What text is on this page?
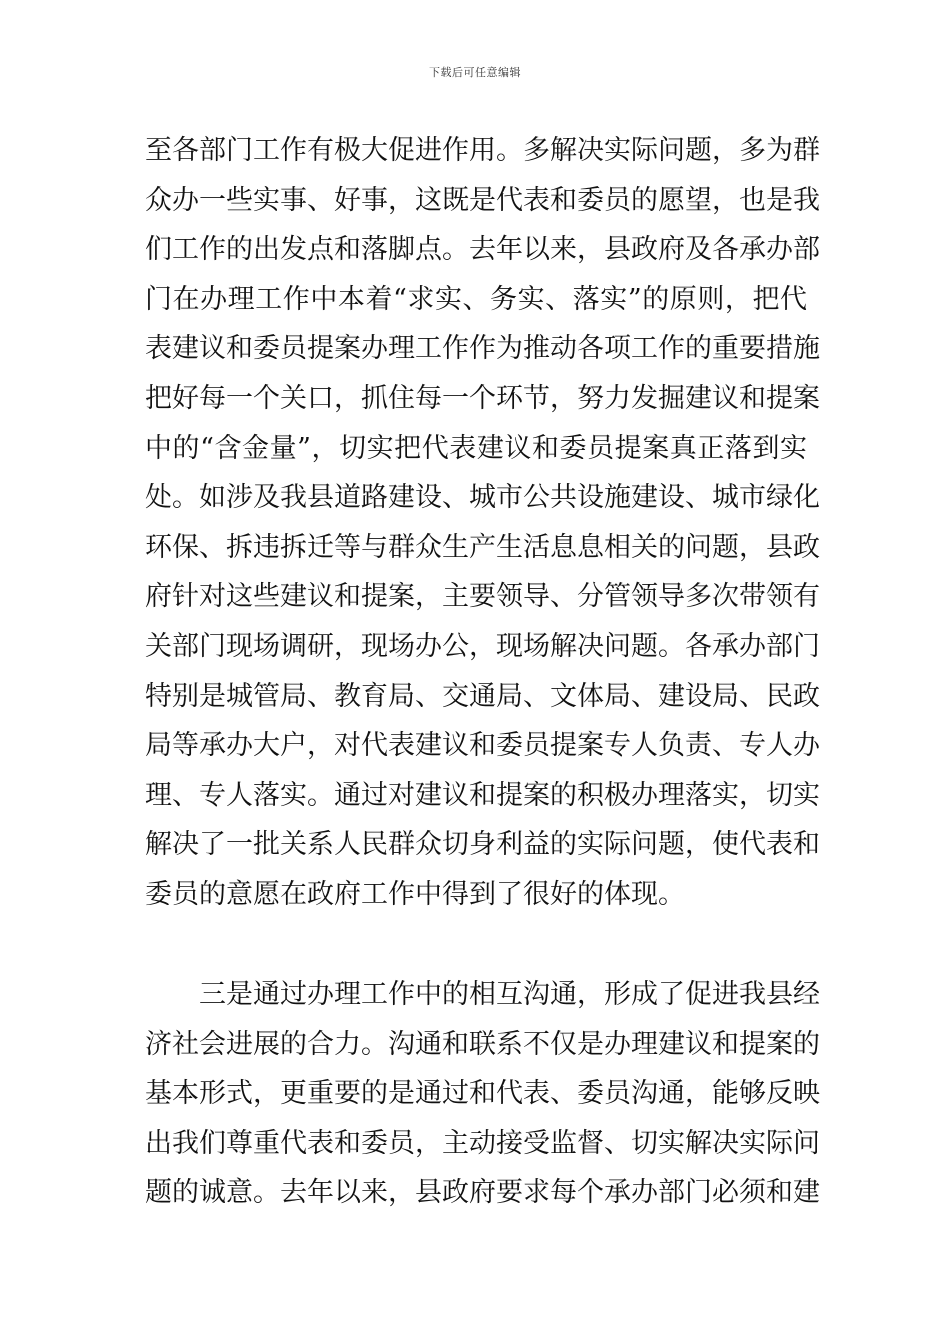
下载后可任意编辑
至各部门工作有极大促进作用。多解决实际问题，多为群
众办一些实事、好事，这既是代表和委员的愿望，也是我
们工作的出发点和落脚点。去年以来，县政府及各承办部
门在办理工作中本着“求实、务实、落实”的原则，把代
表建议和委员提案办理工作作为推动各项工作的重要措施
把好每一个关口，抓住每一个环节，努力发掘建议和提案
中的“含金量”，切实把代表建议和委员提案真正落到实
处。如涉及我县道路建设、城市公共设施建设、城市绿化
环保、拆违拆迁等与群众生产生活息息相关的问题，县政
府针对这些建议和提案，主要领导、分管领导多次带领有
关部门现场调研，现场办公，现场解决问题。各承办部门
特别是城管局、教育局、交通局、文体局、建设局、民政
局等承办大户，对代表建议和委员提案专人负责、专人办
理、专人落实。通过对建议和提案的积极办理落实，切实
解决了一批关系人民群众切身利益的实际问题，使代表和
委员的意愿在政府工作中得到了很好的体现。
三是通过办理工作中的相互沟通，形成了促进我县经
济社会进展的合力。沟通和联系不仅是办理建议和提案的
基本形式，更重要的是通过和代表、委员沟通，能够反映
出我们尊重代表和委员，主动接受监督、切实解决实际问
题的诚意。去年以来，县政府要求每个承办部门必须和建
